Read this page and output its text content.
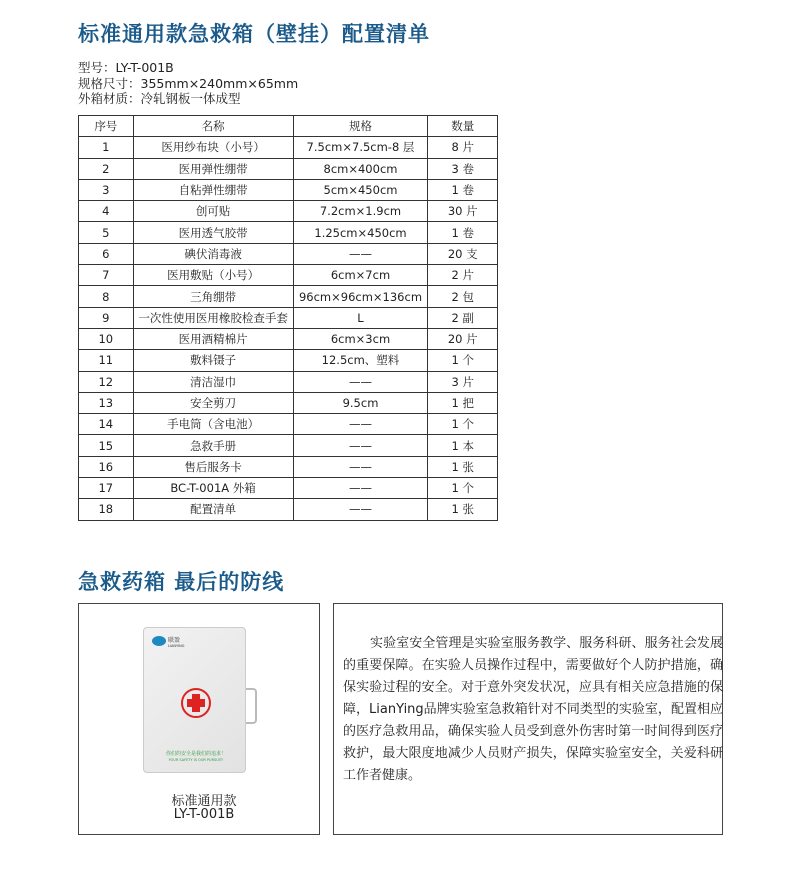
标准通用款急救箱（壁挂）配置清单
型号：LY-T-001B
规格尺寸：355mm×240mm×65mm
外箱材质：冷轧钢板一体成型
序号	名称	规格	数量
1	医用纱布块（小号）	7.5cm×7.5cm-8 层	8 片
2	医用弹性绷带	8cm×400cm	3 卷
3	自粘弹性绷带	5cm×450cm	1 卷
4	创可贴	7.2cm×1.9cm	30 片
5	医用透气胶带	1.25cm×450cm	1 卷
6	碘伏消毒液	——	20 支
7	医用敷贴（小号）	6cm×7cm	2 片
8	三角绷带	96cm×96cm×136cm	2 包
9	一次性使用医用橡胶检查手套	L	2 副
10	医用酒精棉片	6cm×3cm	20 片
11	敷料镊子	12.5cm、塑料	1 个
12	清洁湿巾	——	3 片
13	安全剪刀	9.5cm	1 把
14	手电筒（含电池）	——	1 个
15	急救手册	——	1 本
16	售后服务卡	——	1 张
17	BC-T-001A 外箱	——	1 个
18	配置清单	——	1 张
急救药箱 最后的防线
联盈
LIANYING
你们的安全是我们的追求！
YOUR SAFETY IS OUR PURSUIT!
标准通用款
LY-T-001B
实验室安全管理是实验室服务教学、服务科研、服务社会发展的重要保障。在实验人员操作过程中，需要做好个人防护措施，确保实验过程的安全。对于意外突发状况，应具有相关应急措施的保障，LianYing品牌实验室急救箱针对不同类型的实验室，配置相应的医疗急救用品，确保实验人员受到意外伤害时第一时间得到医疗救护，最大限度地减少人员财产损失，保障实验室安全，关爱科研工作者健康。
